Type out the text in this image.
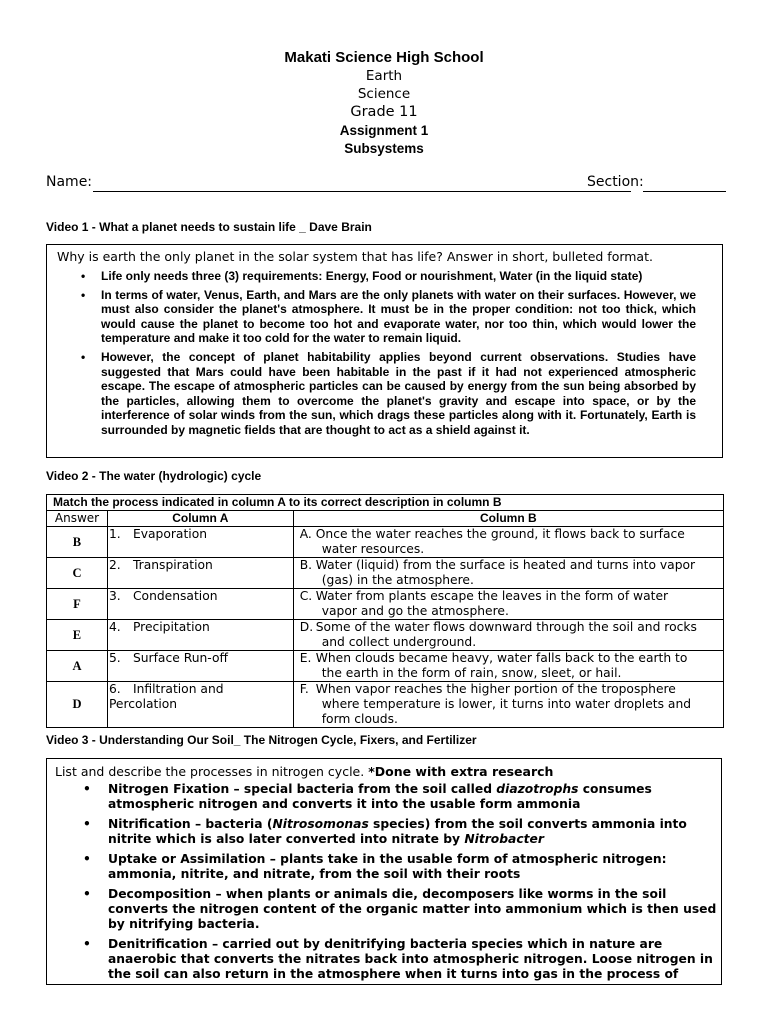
Makati Science High School
Earth
Science
Grade 11
Assignment 1
Subsystems
Name:	Section:
Video 1 - What a planet needs to sustain life _ Dave Brain

Why is earth the only planet in the solar system that has life? Answer in short, bulleted format.

• Life only needs three (3) requirements: Energy, Food or nourishment, Water (in the liquid state)
• In terms of water, Venus, Earth, and Mars are the only planets with water on their surfaces. However, we must also consider the planet's atmosphere. It must be in the proper condition: not too thick, which would cause the planet to become too hot and evaporate water, nor too thin, which would lower the temperature and make it too cold for the water to remain liquid.
• However, the concept of planet habitability applies beyond current observations. Studies have suggested that Mars could have been habitable in the past if it had not experienced atmospheric escape. The escape of atmospheric particles can be caused by energy from the sun being absorbed by the particles, allowing them to overcome the planet's gravity and escape into space, or by the interference of solar winds from the sun, which drags these particles along with it. Fortunately, Earth is surrounded by magnetic fields that are thought to act as a shield against it.
Video 2 - The water (hydrologic) cycle
Match the process indicated in column A to its correct description in column B		
Answer	Column A	Column B
B	1. Evaporation	A. Once the water reaches the ground, it flows back to surface
water resources.

C	2. Transpiration	B. Water (liquid) from the surface is heated and turns into vapor
(gas) in the atmosphere.

F	3. Condensation	C. Water from plants escape the leaves in the form of water
vapor and go the atmosphere.

E	4. Precipitation	D. Some of the water flows downward through the soil and rocks
and collect underground.

A	5. Surface Run-off	E. When clouds became heavy, water falls back to the earth to
the earth in the form of rain, snow, sleet, or hail.

D	6. Infiltration and Percolation	F. When vapor reaches the higher portion of the troposphere
where temperature is lower, it turns into water droplets and form clouds.
Video 3 - Understanding Our Soil_ The Nitrogen Cycle, Fixers, and Fertilizer

List and describe the processes in nitrogen cycle. *Done with extra research

• Nitrogen Fixation – special bacteria from the soil called diazotrophs consumes atmospheric nitrogen and converts it into the usable form ammonia
• Nitrification – bacteria (Nitrosomonas species) from the soil converts ammonia into nitrite which is also later converted into nitrate by Nitrobacter
• Uptake or Assimilation – plants take in the usable form of atmospheric nitrogen: ammonia, nitrite, and nitrate, from the soil with their roots
• Decomposition – when plants or animals die, decomposers like worms in the soil converts the nitrogen content of the organic matter into ammonium which is then used by nitrifying bacteria.
• Denitrification – carried out by denitrifying bacteria species which in nature are anaerobic that converts the nitrates back into atmospheric nitrogen. Loose nitrogen in the soil can also return in the atmosphere when it turns into gas in the process of
